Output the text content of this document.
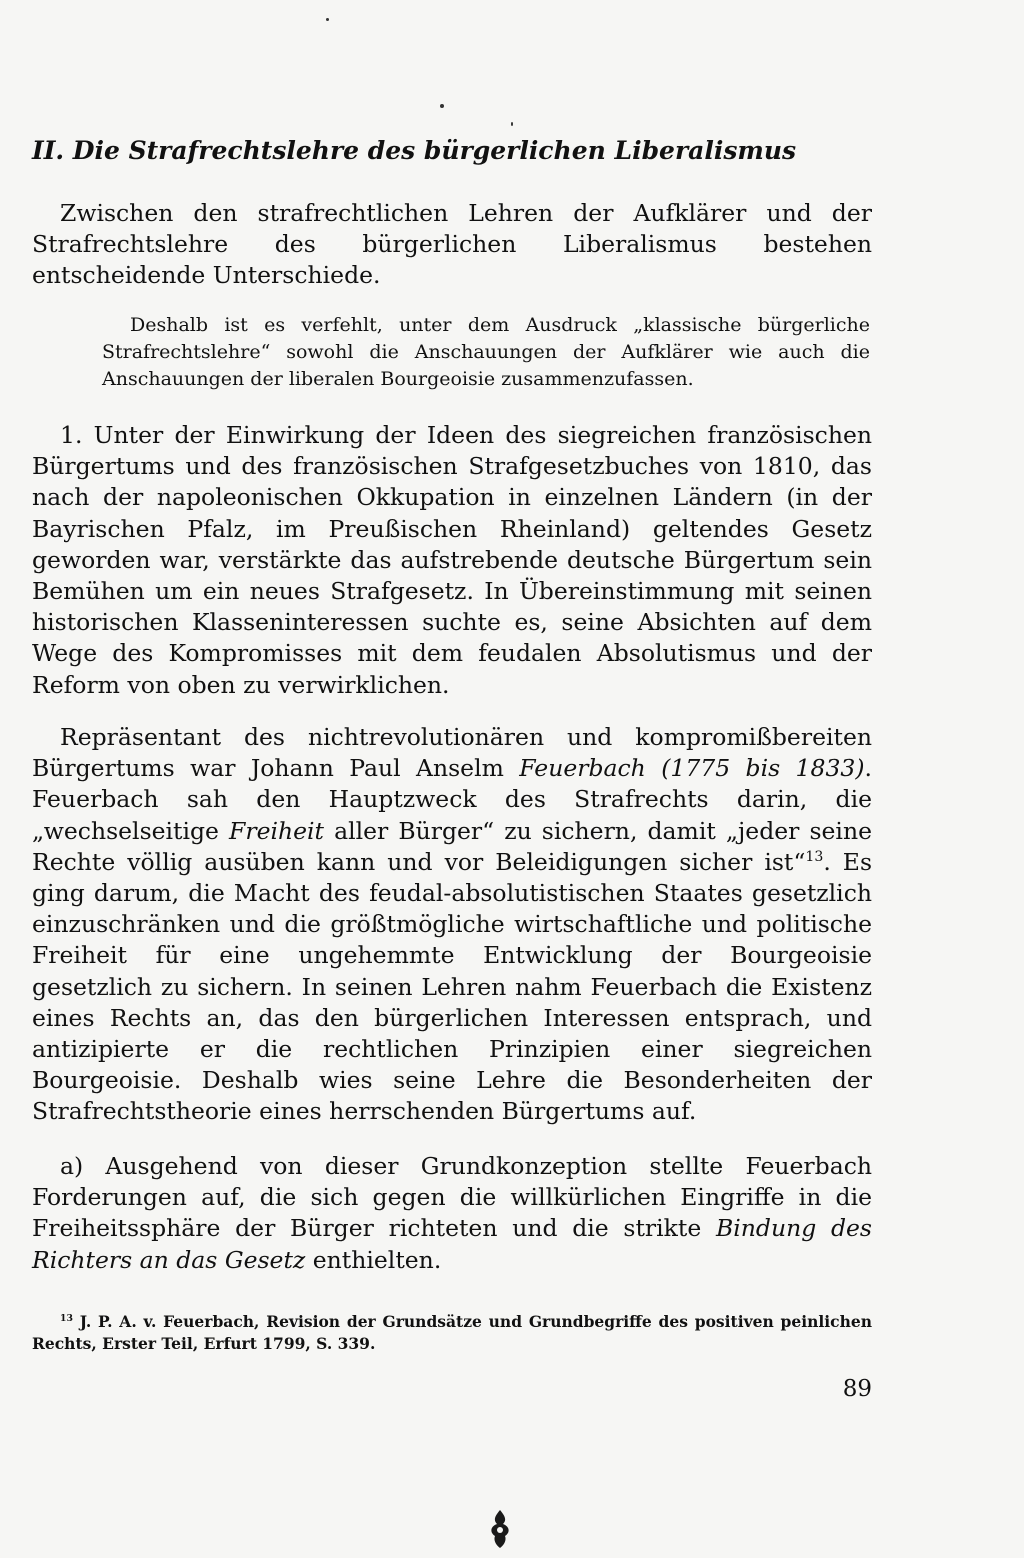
II. Die Strafrechtslehre des bürgerlichen Liberalismus

Zwischen den strafrechtlichen Lehren der Aufklärer und der Strafrechtslehre des bürgerlichen Liberalismus bestehen entscheidende Unterschiede.

Deshalb ist es verfehlt, unter dem Ausdruck „klassische bürgerliche Strafrechtslehre“ sowohl die Anschauungen der Aufklärer wie auch die Anschauungen der liberalen Bourgeoisie zusammenzufassen.

1. Unter der Einwirkung der Ideen des siegreichen französischen Bürgertums und des französischen Strafgesetzbuches von 1810, das nach der napoleonischen Okkupation in einzelnen Ländern (in der Bayrischen Pfalz, im Preußischen Rheinland) geltendes Gesetz geworden war, verstärkte das aufstrebende deutsche Bürgertum sein Bemühen um ein neues Strafgesetz. In Übereinstimmung mit seinen historischen Klasseninteressen suchte es, seine Absichten auf dem Wege des Kompromisses mit dem feudalen Absolutismus und der Reform von oben zu verwirklichen.

Repräsentant des nichtrevolutionären und kompromißbereiten Bürgertums war Johann Paul Anselm Feuerbach (1775 bis 1833). Feuerbach sah den Hauptzweck des Strafrechts darin, die „wechselseitige Freiheit aller Bürger“ zu sichern, damit „jeder seine Rechte völlig ausüben kann und vor Beleidigungen sicher ist“$^{13}$. Es ging darum, die Macht des feudal-absolutistischen Staates gesetzlich einzuschränken und die größtmögliche wirtschaftliche und politische Freiheit für eine ungehemmte Entwicklung der Bourgeoisie gesetzlich zu sichern. In seinen Lehren nahm Feuerbach die Existenz eines Rechts an, das den bürgerlichen Interessen entsprach, und antizipierte er die rechtlichen Prinzipien einer siegreichen Bourgeoisie. Deshalb wies seine Lehre die Besonderheiten der Strafrechtstheorie eines herrschenden Bürgertums auf.

a) Ausgehend von dieser Grundkonzeption stellte Feuerbach Forderungen auf, die sich gegen die willkürlichen Eingriffe in die Freiheitssphäre der Bürger richteten und die strikte Bindung des Richters an das Gesetz enthielten.

$^{13}$ J. P. A. v. Feuerbach, Revision der Grundsätze und Grundbegriffe des positiven peinlichen Rechts, Erster Teil, Erfurt 1799, S. 339.

89
